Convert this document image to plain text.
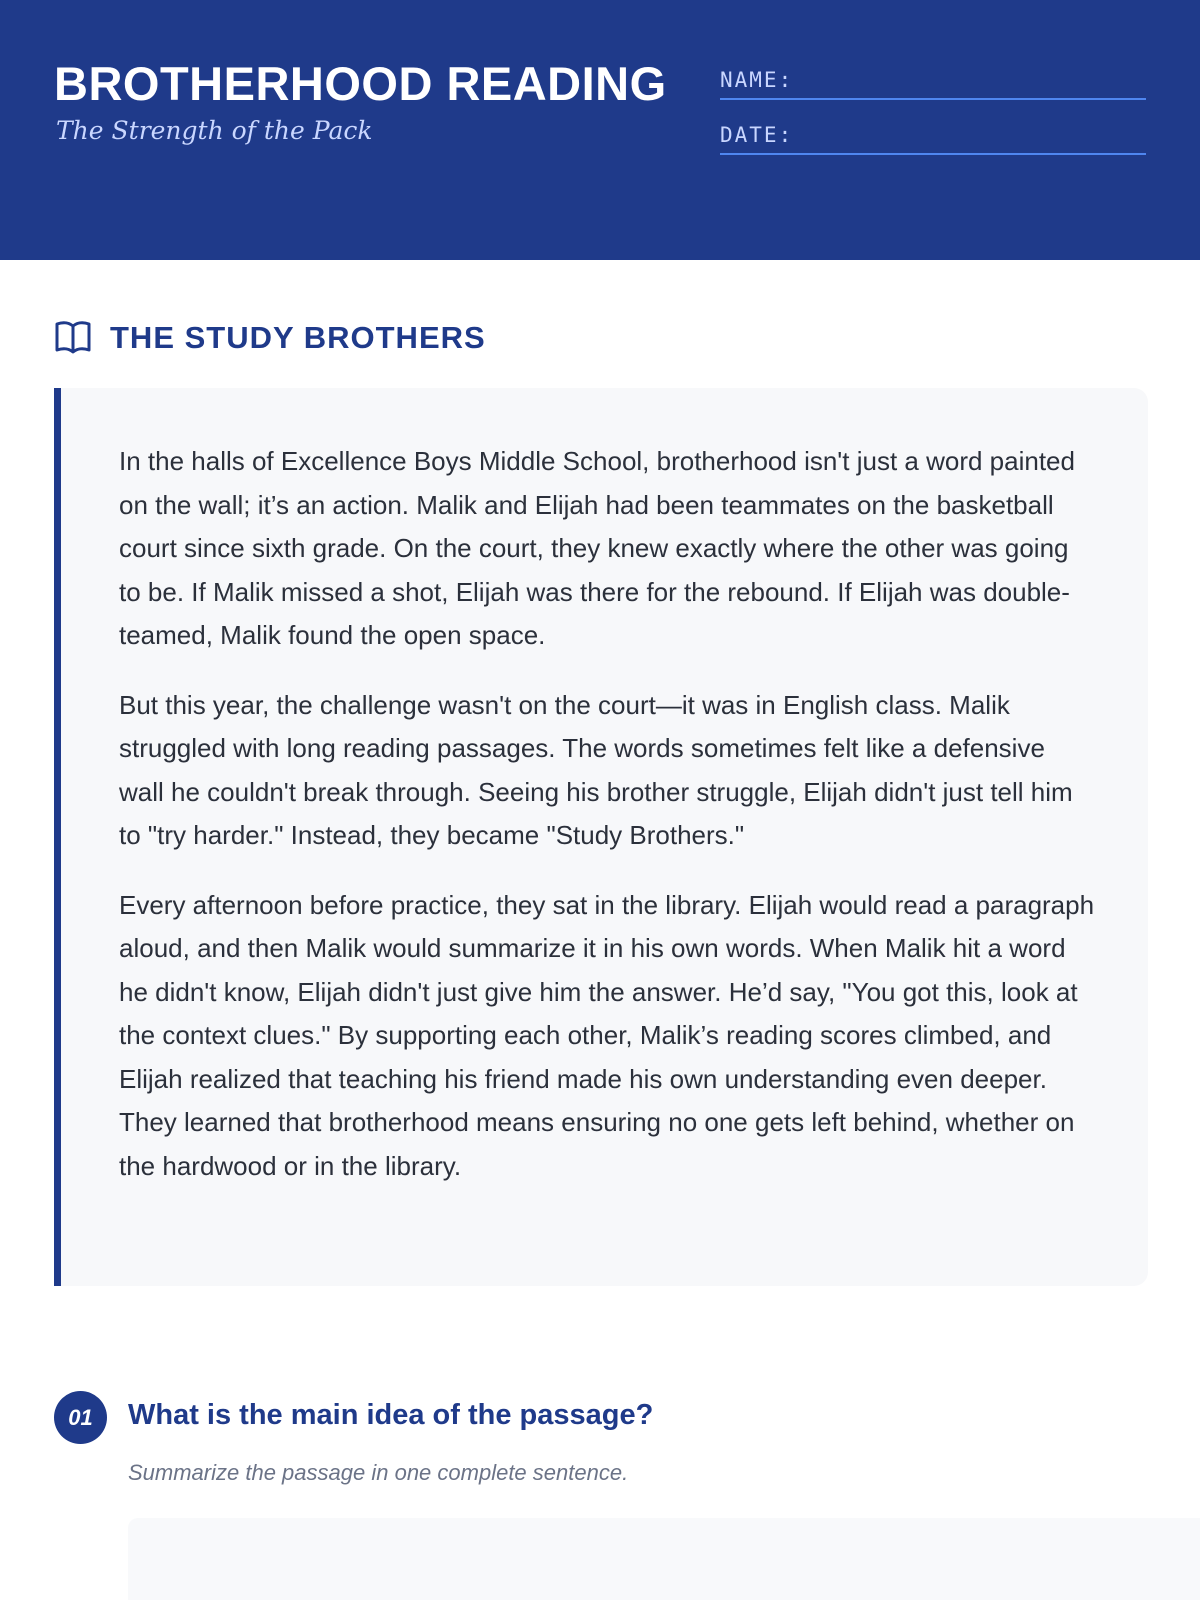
BROTHERHOOD READING
The Strength of the Pack
NAME:
DATE:
THE STUDY BROTHERS

In the halls of Excellence Boys Middle School, brotherhood isn't just a word painted on the wall; it’s an action. Malik and Elijah had been teammates on the basketball court since sixth grade. On the court, they knew exactly where the other was going to be. If Malik missed a shot, Elijah was there for the rebound. If Elijah was double-teamed, Malik found the open space.

But this year, the challenge wasn't on the court—it was in English class. Malik struggled with long reading passages. The words sometimes felt like a defensive wall he couldn't break through. Seeing his brother struggle, Elijah didn't just tell him to "try harder." Instead, they became "Study Brothers."

Every afternoon before practice, they sat in the library. Elijah would read a paragraph aloud, and then Malik would summarize it in his own words. When Malik hit a word he didn't know, Elijah didn't just give him the answer. He’d say, "You got this, look at the context clues." By supporting each other, Malik’s reading scores climbed, and Elijah realized that teaching his friend made his own understanding even deeper. They learned that brotherhood means ensuring no one gets left behind, whether on the hardwood or in the library.

01	What is the main idea of the passage?
Summarize the passage in one complete sentence.
